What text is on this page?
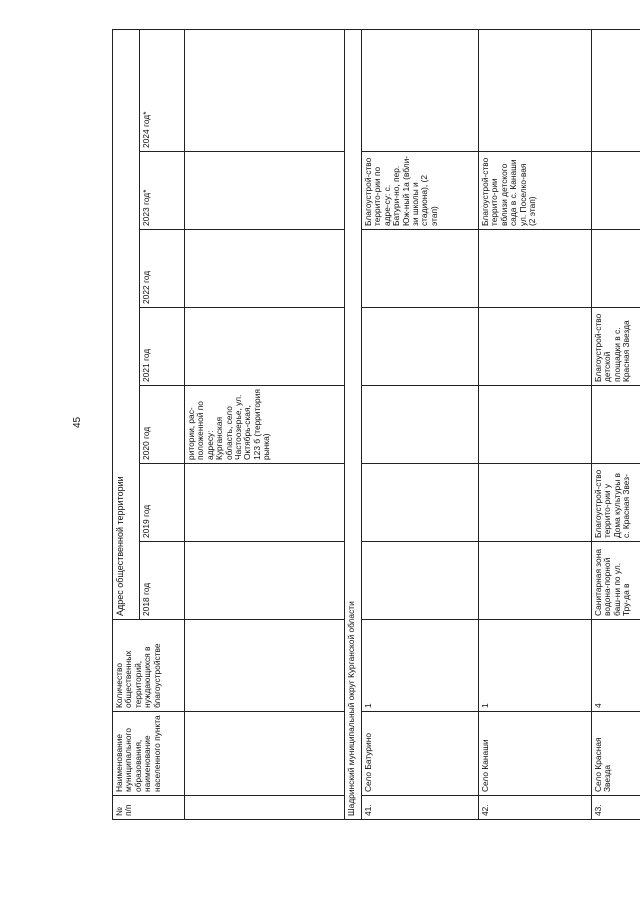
45
№ п/п	Наименование муниципального образования, наименование населенного пункта	Количество общественных территорий, нуждающихся в благоустройстве	Адрес общественной территории						
			2018 год	2019 год	2020 год	2021 год	2022 год	2023 год*	2024 год*
					ритории, рас-положенной по адресу: Курганская область, село Частоозерье, ул. Октябрь-ская, 123 б (территория рынка)				
Шадринский муниципальный округ Курганской области									
41.	Село Батурино	1						Благоустрой-ство террито-рии по адре-су: с. Батури-но, пер. Юж-ный 1а (вбли-зи школы и стадиона), (2 этап)	
42.	Село Канаши	1						Благоустрой-ство террито-рии вблизи детского сада в с. Канаши ул. Поселко-вая (2 этап)	
43.	Село Красная Звезда	4	Санитарная зона водона-порной баш-ни по ул. Тру-да в	Благоустрой-ство террито-рии у Дома культуры в с. Красная Звез-		Благоустрой-ство детской площадки в с. Красная Звезда			
